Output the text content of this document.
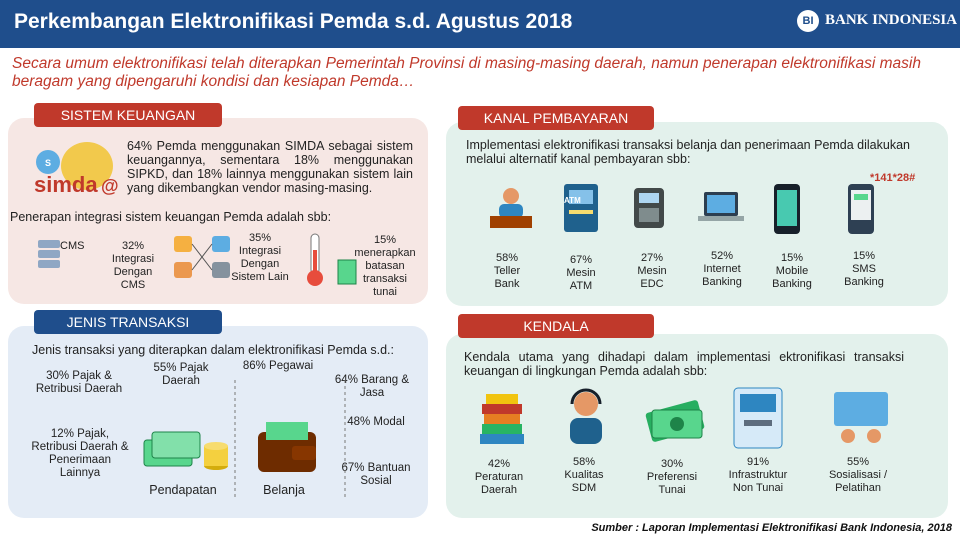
Perkembangan Elektronifikasi Pemda s.d. Agustus 2018	BI BANK INDONESIA
Secara umum elektronifikasi telah diterapkan Pemerintah Provinsi di masing-masing daerah, namun penerapan elektronifikasi masih beragam yang dipengaruhi kondisi dan kesiapan Pemda…
SISTEM KEUANGAN
S
simda @
64% Pemda menggunakan SIMDA sebagai sistem keuangannya, sementara 18% menggunakan SIPKD, dan 18% lainnya menggunakan sistem lain yang dikembangkan vendor masing-masing.
Penerapan integrasi sistem keuangan Pemda adalah sbb:
CMS	32% Integrasi Dengan CMS
35% Integrasi Dengan Sistem Lain
15% menerapkan batasan transaksi tunai
KANAL PEMBAYARAN
Implementasi elektronifikasi transaksi belanja dan penerimaan Pemda dilakukan melalui alternatif kanal pembayaran sbb:
*141*28#
ATM
58%
Teller Bank
67%
Mesin ATM
27%
Mesin EDC
52%
Internet Banking
15%
Mobile Banking
15%
SMS Banking
JENIS TRANSAKSI
Jenis transaksi yang diterapkan dalam elektronifikasi Pemda s.d.:
30% Pajak & Retribusi Daerah
55% Pajak Daerah
86% Pegawai
64% Barang & Jasa
48% Modal
67% Bantuan Sosial
12% Pajak, Retribusi Daerah & Penerimaan Lainnya
Pendapatan	Belanja
KENDALA
Kendala utama yang dihadapi dalam implementasi ektronifikasi transaksi keuangan di lingkungan Pemda adalah sbb:
42%
Peraturan Daerah
58%
Kualitas SDM
30%
Preferensi Tunai
91%
Infrastruktur Non Tunai
55%
Sosialisasi / Pelatihan
Sumber : Laporan Implementasi Elektronifikasi Bank Indonesia, 2018
